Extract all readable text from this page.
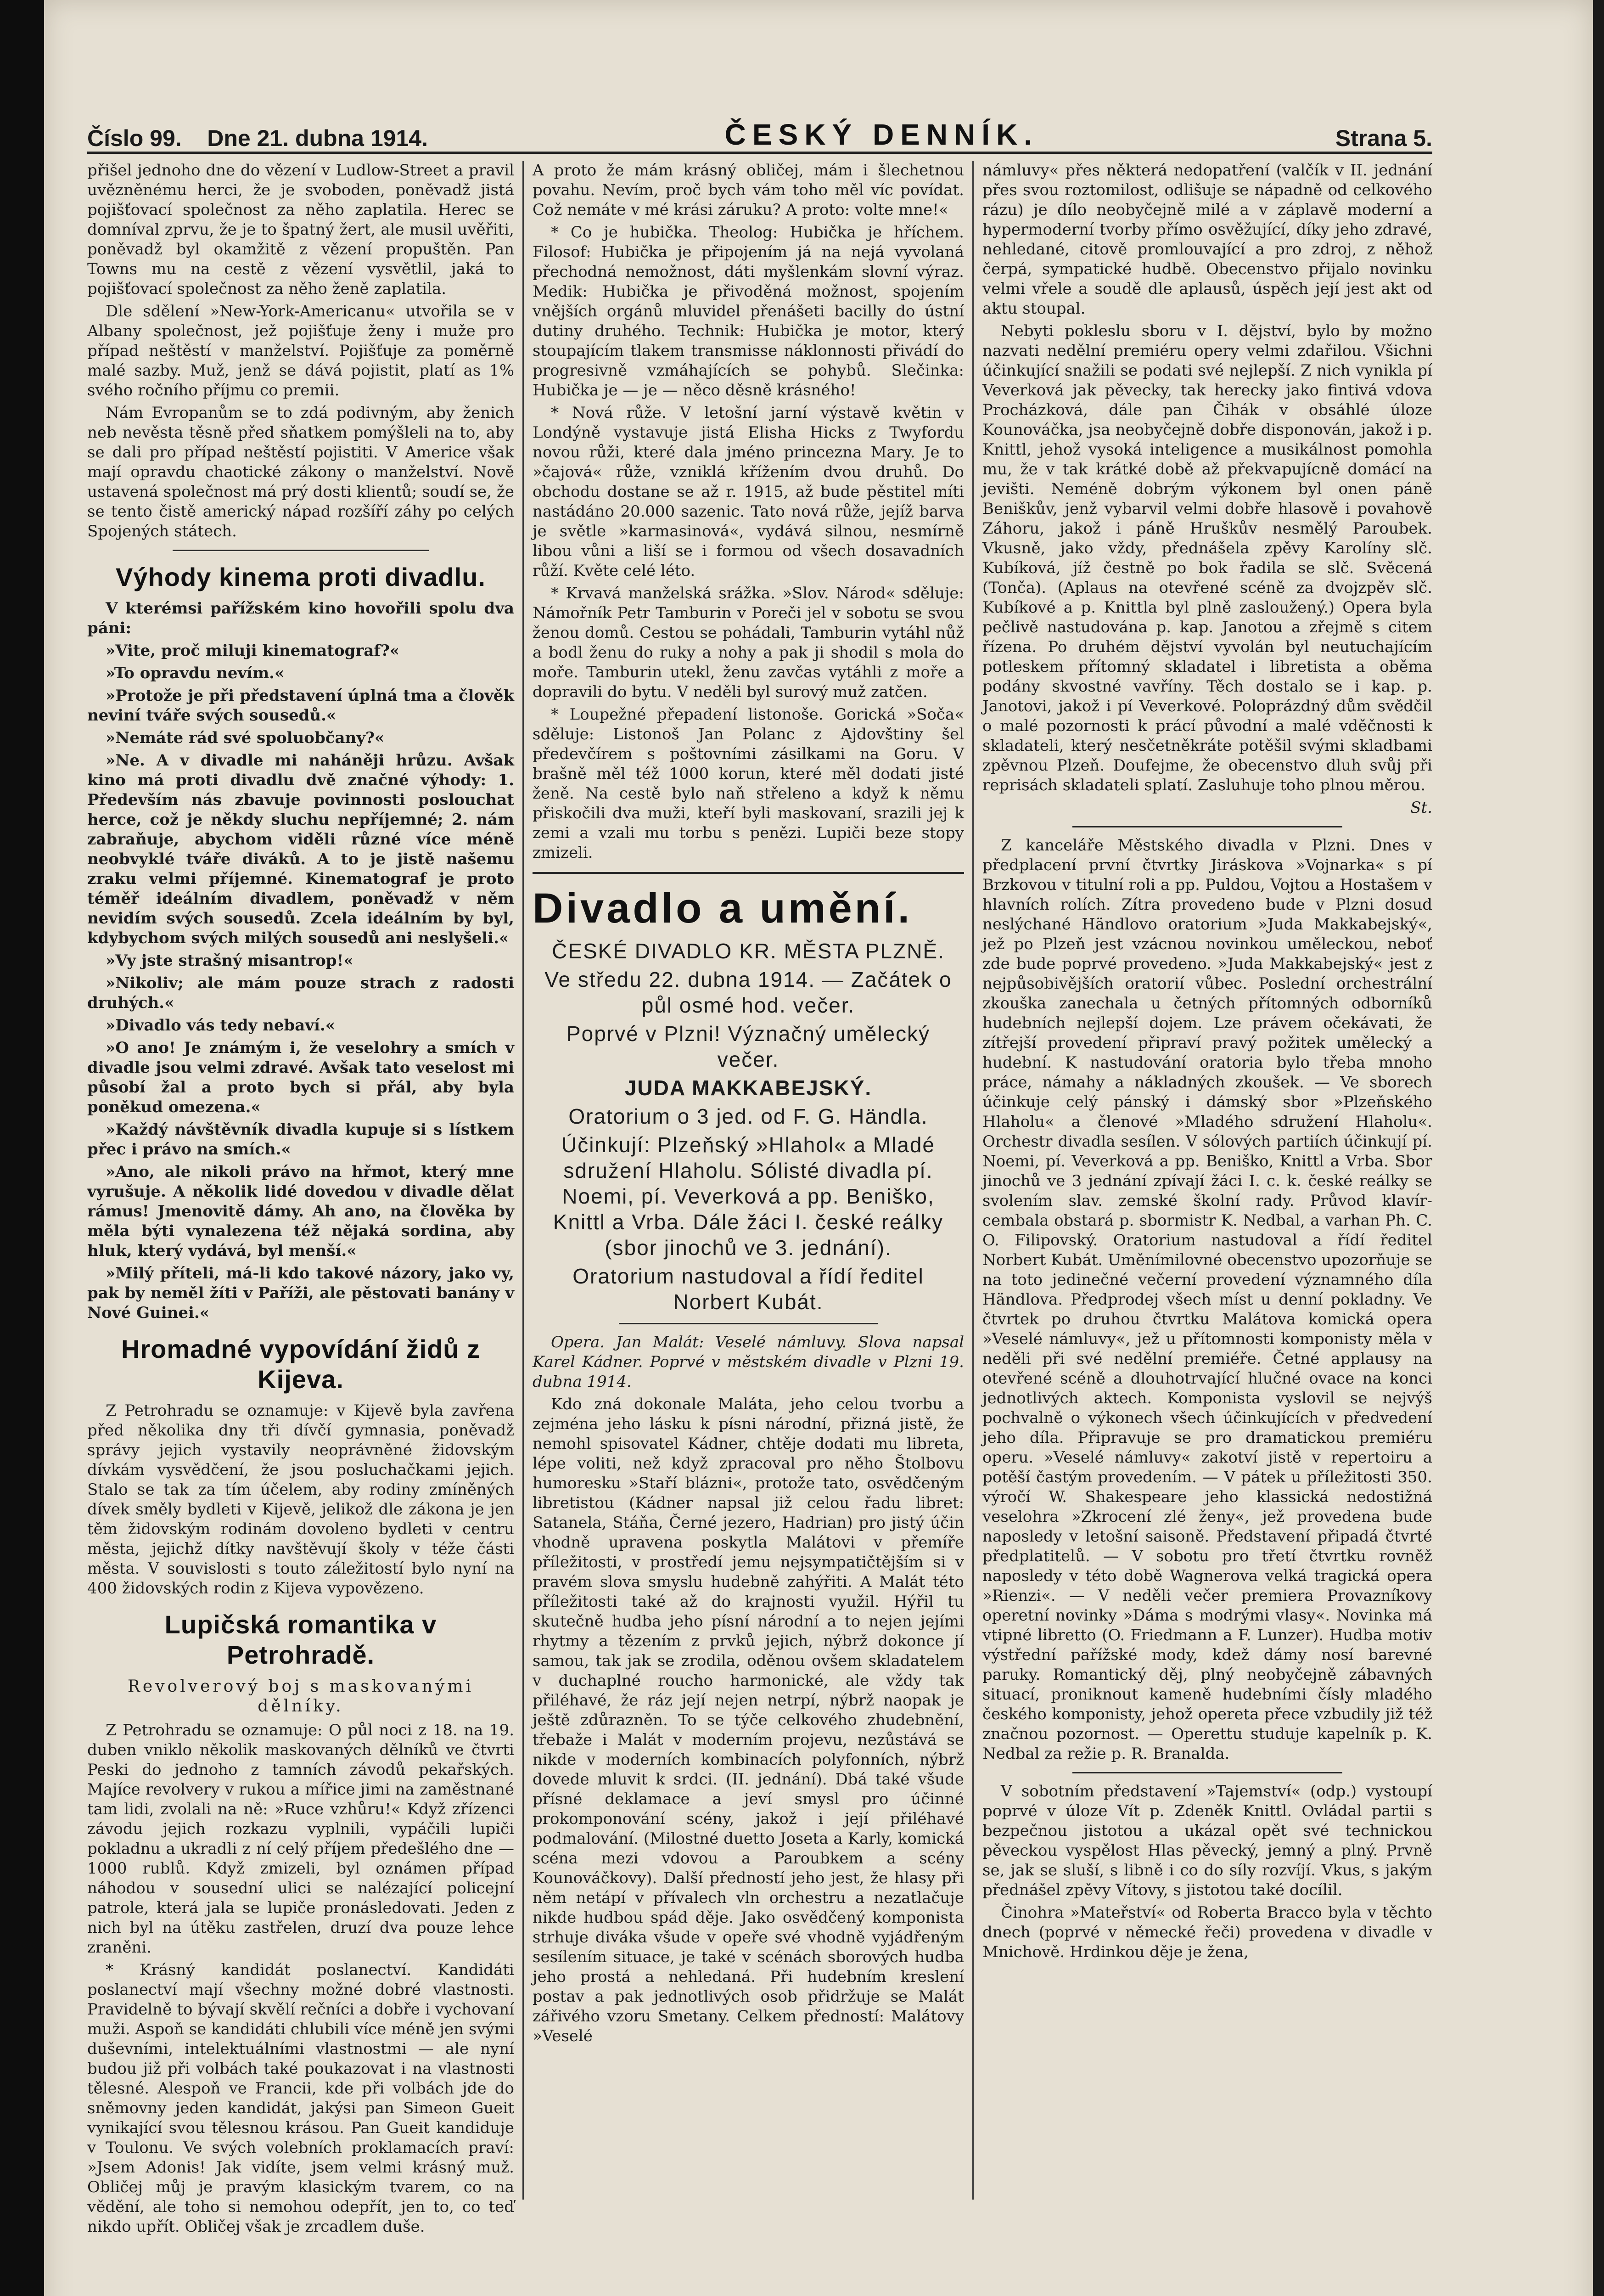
Číslo 99. Dne 21. dubna 1914.	ČESKÝ DENNÍK.	Strana 5.

přišel jednoho dne do vězení v Ludlow-Street a pravil uvězněnému herci, že je svoboden, poněvadž jistá pojišťovací společnost za něho zaplatila. Herec se domníval zprvu, že je to špatný žert, ale musil uvěřiti, poněvadž byl okamžitě z vězení propuštěn. Pan Towns mu na cestě z vězení vysvětlil, jaká to pojišťovací společnost za něho ženě zaplatila.

Dle sdělení »New-York-Americanu« utvořila se v Albany společnost, jež pojišťuje ženy i muže pro případ neštěstí v manželství. Pojišťuje za poměrně malé sazby. Muž, jenž se dává pojistit, platí as 1% svého ročního příjmu co premii.

Nám Evropanům se to zdá podivným, aby ženich neb nevěsta těsně před sňatkem pomýšleli na to, aby se dali pro případ neštěstí pojistiti. V Americe však mají opravdu chaotické zákony o manželství. Nově ustavená společnost má prý dosti klientů; soudí se, že se tento čistě americký nápad rozšíří záhy po celých Spojených státech.

Výhody kinema proti divadlu.

V kterémsi pařížském kino hovořili spolu dva páni:

»Vite, proč miluji kinematograf?«

»To opravdu nevím.«

»Protože je při představení úplná tma a člověk neviní tváře svých sousedů.«

»Nemáte rád své spoluobčany?«

»Ne. A v divadle mi naháněji hrůzu. Avšak kino má proti divadlu dvě značné výhody: 1. Především nás zbavuje povinnosti poslouchat herce, což je někdy sluchu nepříjemné; 2. nám zabraňuje, abychom viděli různé více méně neobvyklé tváře diváků. A to je jistě našemu zraku velmi příjemné. Kinematograf je proto téměř ideálním divadlem, poněvadž v něm nevidím svých sousedů. Zcela ideálním by byl, kdybychom svých milých sousedů ani neslyšeli.«

»Vy jste strašný misantrop!«

»Nikoliv; ale mám pouze strach z radosti druhých.«

»Divadlo vás tedy nebaví.«

»O ano! Je známým i, že veselohry a smích v divadle jsou velmi zdravé. Avšak tato veselost mi působí žal a proto bych si přál, aby byla poněkud omezena.«

»Každý návštěvník divadla kupuje si s lístkem přec i právo na smích.«

»Ano, ale nikoli právo na hřmot, který mne vyrušuje. A několik lidé dovedou v divadle dělat rámus! Jmenovitě dámy. Ah ano, na člověka by měla býti vynalezena též nějaká sordina, aby hluk, který vydává, byl menší.«

»Milý příteli, má-li kdo takové názory, jako vy, pak by neměl žíti v Paříži, ale pěstovati banány v Nové Guinei.«

Hromadné vypovídání židů z Kijeva.

Z Petrohradu se oznamuje: v Kijevě byla zavřena před několika dny tři dívčí gymnasia, poněvadž správy jejich vystavily neoprávněné židovským dívkám vysvědčení, že jsou posluchačkami jejich. Stalo se tak za tím účelem, aby rodiny zmíněných dívek směly bydleti v Kijevě, jelikož dle zákona je jen těm židovským rodinám dovoleno bydleti v centru města, jejichž dítky navštěvují školy v téže části města. V souvislosti s touto záležitostí bylo nyní na 400 židovských rodin z Kijeva vypovězeno.

Lupičská romantika v Petrohradě.
Revolverový boj s maskovanými dělníky.

Z Petrohradu se oznamuje: O půl noci z 18. na 19. duben vniklo několik maskovaných dělníků ve čtvrti Peski do jednoho z tamních závodů pekařských. Majíce revolvery v rukou a mířice jimi na zaměstnané tam lidi, zvolali na ně: »Ruce vzhůru!« Když zřízenci závodu jejich rozkazu vyplnili, vypáčili lupiči pokladnu a ukradli z ní celý příjem předešlého dne — 1000 rublů. Když zmizeli, byl oznámen případ náhodou v sousední ulici se nalézající policejní patrole, která jala se lupiče pronásledovati. Jeden z nich byl na útěku zastřelen, druzí dva pouze lehce zraněni.

* Krásný kandidát poslanectví. Kandidáti poslanectví mají všechny možné dobré vlastnosti. Pravidelně to bývají skvělí rečníci a dobře i vychovaní muži. Aspoň se kandidáti chlubili více méně jen svými duševními, intelektuálními vlastnostmi — ale nyní budou již při volbách také poukazovat i na vlastnosti tělesné. Alespoň ve Francii, kde při volbách jde do sněmovny jeden kandidát, jakýsi pan Simeon Gueit vynikající svou tělesnou krásou. Pan Gueit kandiduje v Toulonu. Ve svých volebních proklamacích praví: »Jsem Adonis! Jak vidíte, jsem velmi krásný muž. Obličej můj je pravým klasickým tvarem, co na vědění, ale toho si nemohou odepřít, jen to, co teď nikdo upřít. Obličej však je zrcadlem duše.

A proto že mám krásný obličej, mám i šlechetnou povahu. Nevím, proč bych vám toho měl víc povídat. Což nemáte v mé krási záruku? A proto: volte mne!«

* Co je hubička. Theolog: Hubička je hříchem. Filosof: Hubička je připojením já na nejá vyvolaná přechodná nemožnost, dáti myšlenkám slovní výraz. Medik: Hubička je přivoděná možnost, spojením vnějších orgánů mluvidel přenášeti bacilly do ústní dutiny druhého. Technik: Hubička je motor, který stoupajícím tlakem transmisse náklonnosti přivádí do progresivně vzmáhajících se pohybů. Slečinka: Hubička je — je — něco děsně krásného!

* Nová růže. V letošní jarní výstavě květin v Londýně vystavuje jistá Elisha Hicks z Twyfordu novou růži, které dala jméno princezna Mary. Je to »čajová« růže, vzniklá křížením dvou druhů. Do obchodu dostane se až r. 1915, až bude pěstitel míti nastádáno 20.000 sazenic. Tato nová růže, jejíž barva je světle »karmasinová«, vydává silnou, nesmírně libou vůni a liší se i formou od všech dosavadních růží. Květe celé léto.

* Krvavá manželská srážka. »Slov. Národ« sděluje: Námořník Petr Tamburin v Poreči jel v sobotu se svou ženou domů. Cestou se pohádali, Tamburin vytáhl nůž a bodl ženu do ruky a nohy a pak ji shodil s mola do moře. Tamburin utekl, ženu zavčas vytáhli z moře a dopravili do bytu. V neděli byl surový muž zatčen.

* Loupežné přepadení listonoše. Gorická »Soča« sděluje: Listonoš Jan Polanc z Ajdovštiny šel předevčírem s poštovními zásilkami na Goru. V brašně měl též 1000 korun, které měl dodati jisté ženě. Na cestě bylo naň střeleno a když k němu přiskočili dva muži, kteří byli maskovaní, srazili jej k zemi a vzali mu torbu s penězi. Lupiči beze stopy zmizeli.

Divadlo a umění.

ČESKÉ DIVADLO KR. MĚSTA PLZNĚ.

Ve středu 22. dubna 1914. — Začátek o půl osmé hod. večer.

Poprvé v Plzni! Význačný umělecký večer.

JUDA MAKKABEJSKÝ.

Oratorium o 3 jed. od F. G. Händla.

Účinkují: Plzeňský »Hlahol« a Mladé sdružení Hlaholu. Sólisté divadla pí. Noemi, pí. Veverková a pp. Beniško, Knittl a Vrba. Dále žáci I. české reálky (sbor jinochů ve 3. jednání).

Oratorium nastudoval a řídí ředitel Norbert Kubát.

Opera. Jan Malát: Veselé námluvy. Slova napsal Karel Kádner. Poprvé v městském divadle v Plzni 19. dubna 1914.

Kdo zná dokonale Malátа, jeho celou tvorbu a zejména jeho lásku k písni národní, přizná jistě, že nemohl spisovatel Kádner, chtěje dodati mu libreta, lépe voliti, než když zpracoval pro něho Štolbovu humoresku »Staří blázni«, protože tato, osvědčeným libretistou (Kádner napsal již celou řadu libret: Satanela, Stáňa, Černé jezero, Hadrian) pro jistý účin vhodně upravena poskytla Malátovi v přemíře příležitosti, v prostředí jemu nejsympatičtějším si v pravém slova smyslu hudebně zahýřiti. A Malát této příležitosti také až do krajnosti využil. Hýřil tu skutečně hudba jeho písní národní a to nejen jejími rhytmy a tězením z prvků jejich, nýbrž dokonce jí samou, tak jak se zrodila, oděnou ovšem skladatelem v duchaplné rouchо harmonické, ale vždy tak přiléhavé, že ráz její nejen netrpí, nýbrž naopak je ještě zdůrazněn. To se týče celkového zhudebnění, třebaže i Malát v moderním projevu, nezůstává se nikde v moderních kombinacích polyfonních, nýbrž dovede mluvit k srdci. (II. jednání). Dbá také všude přísné deklamace a jeví smysl pro účinné prokomponování scény, jakož i její přiléhavé podmalování. (Milostné duetto Joseta a Karly, komická scéna mezi vdovou a Paroubkem a scény Kounováčkovy). Další předností jeho jest, že hlasy při něm netápí v přívalech vln orchestru a nezatlačuje nikde hudbou spád děje. Jako osvědčený komponista strhuje diváka všude v opeře své vhodně vyjádřeným sesílením situace, je také v scénách sborových hudba jeho prostá a nehledaná. Při hudebním kreslení postav a pak jednotlivých osob přidržuje se Malát zářivého vzoru Smetany. Celkem předností: Malátovy »Veselé

námluvy« přes některá nedopatření (valčík v II. jednání přes svou roztomilost, odlišuje se nápadně od celkového rázu) je dílo neobyčejně milé a v záplavě moderní a hypermoderní tvorby přímo osvěžující, díky jeho zdravé, nehledané, citově promlouvající a pro zdroj, z něhož čerpá, sympatické hudbě. Obecenstvo přijalo novinku velmi vřele a soudě dle aplausů, úspěch její jest akt od aktu stoupal.

Nebyti pokleslu sboru v I. dějství, bylo by možno nazvati nedělní premiéru opery velmi zdařilou. Všichni účinkující snažili se podati své nejlepší. Z nich vynikla pí Veverková jak pěvecky, tak herecky jako fintivá vdova Procházková, dále pan Čihák v obsáhlé úloze Kounováčka, jsa neobyčejně dobře disponován, jakož i p. Knittl, jehož vysoká inteligence a musikálnost pomohla mu, že v tak krátké době až překvapujícně domácí na jevišti. Neméně dobrým výkonem byl onen páně Beniškův, jenž vybarvil velmi dobře hlasově i povahově Záhoru, jakož i páně Hruškův nesmělý Paroubek. Vkusně, jako vždy, přednášela zpěvy Karolíny slč. Kubíková, jíž čestně po bok řadila se slč. Svěcená (Tonča). (Aplaus na otevřené scéně za dvojzpěv slč. Kubíkové a p. Knittla byl plně zasloužený.) Opera byla pečlivě nastudována p. kap. Janotou a zřejmě s citem řízena. Po druhém dějství vyvolán byl neutuchajícím potleskem přítomný skladatel i libretista a oběma podány skvostné vavříny. Těch dostalo se i kap. p. Janotovi, jakož i pí Veverkové. Poloprázdný dům svědčil o malé pozornosti k prácí původní a malé vděčnosti k skladateli, který nesčetněkráte potěšil svými skladbami zpěvnou Plzeň. Doufejme, že obecenstvo dluh svůj při reprisách skladateli splatí. Zasluhuje toho plnou měrou.

St.

Z kanceláře Městského divadla v Plzni. Dnes v předplacení první čtvrtky Jiráskova »Vojnarka« s pí Brzkovou v titulní roli a pp. Puldou, Vojtou a Hostašem v hlavních rolích. Zítra provedeno bude v Plzni dosud neslýchané Händlovo oratorium »Juda Makkabejský«, jež po Plzeň jest vzácnou novinkou uměleckou, neboť zde bude poprvé provedeno. »Juda Makkabejský« jest z nejpůsobivějších oratorií vůbec. Poslední orchestrální zkouška zanechala u četných přítomných odborníků hudebních nejlepší dojem. Lze právem očekávati, že zítřejší provedení připraví pravý požitek umělecký a hudební. K nastudování oratoria bylo třeba mnoho práce, námahy a nákladných zkoušek. — Ve sborech účinkuje celý pánský i dámský sbor »Plzeňského Hlaholu« a členové »Mladého sdružení Hlaholu«. Orchestr divadla sesílen. V sólových partiích účinkují pí. Noemi, pí. Veverková a pp. Beniško, Knittl a Vrba. Sbor jinochů ve 3 jednání zpívají žáci I. c. k. české reálky se svolením slav. zemské školní rady. Průvod klavír-cembala obstará p. sbormistr K. Nedbal, a varhan Ph. C. O. Filipovský. Oratorium nastudoval a řídí ředitel Norbert Kubát. Uměnímilovné obecenstvo upozorňuje se na toto jedinečné večerní provedení významného díla Händlova. Předprodej všech míst u denní pokladny. Ve čtvrtek po druhou čtvrtku Malátova komická opera »Veselé námluvy«, jež u přítomnosti komponisty měla v neděli při své nedělní premiéře. Četné applausy na otevřené scéně a dlouhotrvající hlučné ovace na konci jednotlivých aktech. Komponista vyslovil se nejvýš pochvalně o výkonech všech účinkujících v předvedení jeho díla. Připravuje se pro dramatickou premiéru operu. »Veselé námluvy« zakotví jistě v repertoiru a potěší častým provedením. — V pátek u příležitosti 350. výročí W. Shakespeare jeho klassická nedostižná veselohra »Zkrocení zlé ženy«, jež provedena bude naposledy v letošní saisoně. Představení připadá čtvrté předplatitelů. — V sobotu pro třetí čtvrtku rovněž naposledy v této době Wagnerova velká tragická opera »Rienzi«. — V neděli večer premiera Provazníkovy operetní novinky »Dáma s modrými vlasy«. Novinka má vtipné libretto (O. Friedmann a F. Lunzer). Hudba motiv výstřední pařížské mody, kdež dámy nosí barevné paruky. Romantický děj, plný neobyčejně zábavných situací, proniknout kameně hudebními čísly mladého českého komponisty, jehož opereta přece vzbudily již též značnou pozornost. — Operettu studuje kapelník p. K. Nedbal za režie p. R. Branalda.

V sobotním představení »Tajemství« (odp.) vystoupí poprvé v úloze Vít p. Zdeněk Knittl. Ovládal partii s bezpečnou jistotou a ukázal opět své technickou pěveckou vyspělost Hlas pěvecký, jemný a plný. Prvně se, jak se sluší, s libně i co do síly rozvíjí. Vkus, s jakým přednášel zpěvy Vítovy, s jistotou také docílil.

Činohra »Mateřství« od Roberta Bracco byla v těchto dnech (poprvé v německé řeči) provedena v divadle v Mnichově. Hrdinkou děje je žena,
